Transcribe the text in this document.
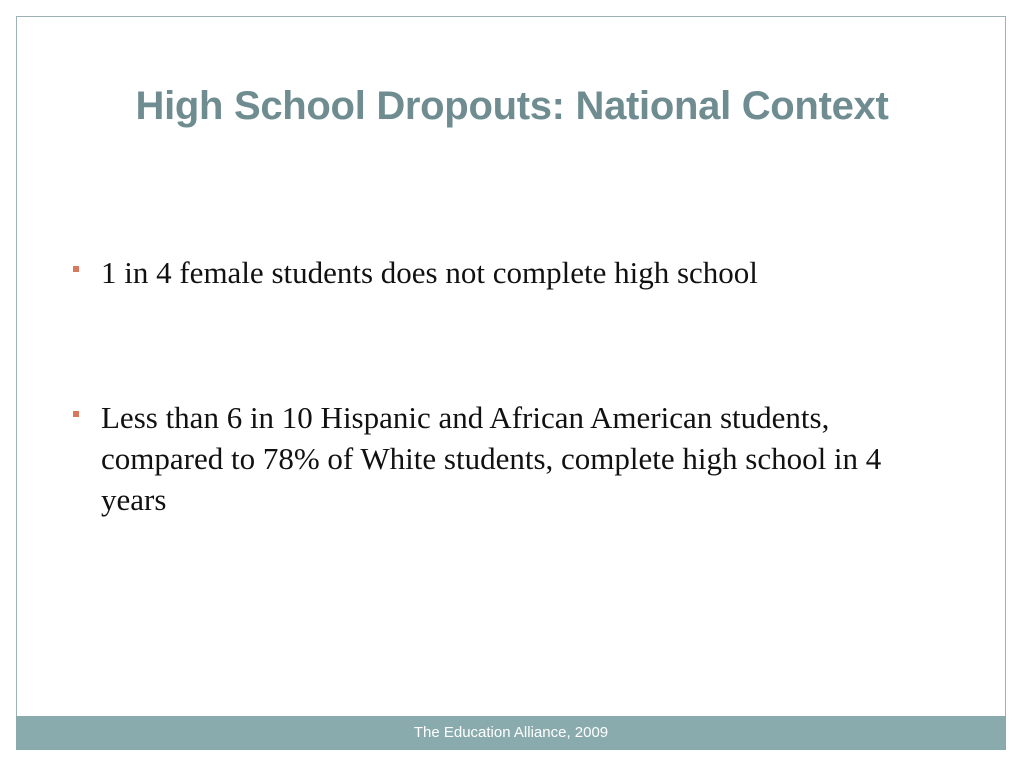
High School Dropouts: National Context
1 in 4 female students does not complete high school
Less than 6 in 10 Hispanic and African American students, compared to 78% of White students, complete high school in 4 years
The Education Alliance, 2009
